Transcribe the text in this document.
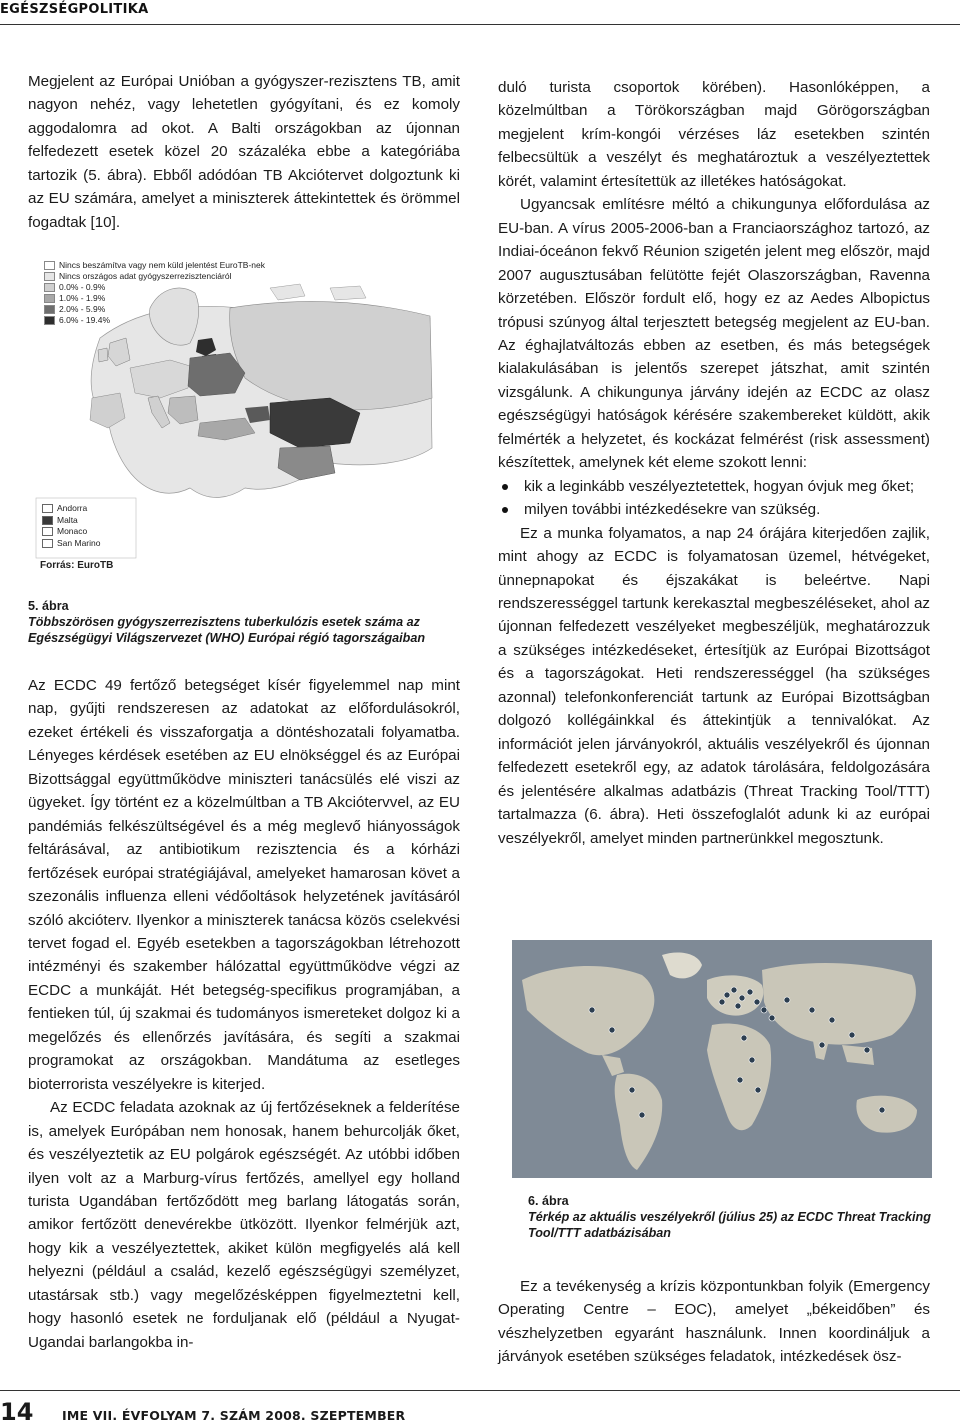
EGÉSZSÉGPOLITIKA

Megjelent az Európai Unióban a gyógyszer-rezisztens TB, amit nagyon nehéz, vagy lehetetlen gyógyítani, és ez komoly aggodalomra ad okot. A Balti országokban az újonnan felfedezett esetek közel 20 százaléka ebbe a kategóriába tartozik (5. ábra). Ebből adódóan TB Akciótervet dolgoztunk ki az EU számára, amelyet a miniszterek áttekintettek és örömmel fogadtak [10].

Nincs beszámítva vagy nem küld jelentést EuroTB-nek
Nincs országos adat gyógyszerrezisztenciáról
0.0% - 0.9%
1.0% - 1.9%
2.0% - 5.9%
6.0% - 19.4%
Andorra
Malta
Monaco
San Marino
Forrás: EuroTB
5. ábra
Többszörösen gyógyszerrezisztens tuberkulózis esetek száma az Egészségügyi Világszervezet (WHO) Európai régió tagországaiban

Az ECDC 49 fertőző betegséget kísér figyelemmel nap mint nap, gyűjti rendszeresen az adatokat az előfordulásokról, ezeket értékeli és visszaforgatja a döntéshozatali folyamatba. Lényeges kérdések esetében az EU elnökséggel és az Európai Bizottsággal együttműködve miniszteri tanácsülés elé viszi az ügyeket. Így történt ez a közelmúltban a TB Akciótervvel, az EU pandémiás felkészültségével és a még meglevő hiányosságok feltárásával, az antibiotikum rezisztencia és a kórházi fertőzések európai stratégiájával, amelyeket hamarosan követ a szezonális influenza elleni védőoltások helyzetének javításáról szóló akcióterv. Ilyenkor a miniszterek tanácsa közös cselekvési tervet fogad el. Egyéb esetekben a tagországokban létrehozott intézményi és szakember hálózattal együttműködve végzi az ECDC a munkáját. Hét betegség-specifikus programjában, a fentieken túl, új szakmai és tudományos ismereteket dolgoz ki a megelőzés és ellenőrzés javítására, és segíti a szakmai programokat az országokban. Mandátuma az esetleges bioterrorista veszélyekre is kiterjed.

Az ECDC feladata azoknak az új fertőzéseknek a felderítése is, amelyek Európában nem honosak, hanem behurcolják őket, és veszélyeztetik az EU polgárok egészségét. Az utóbbi időben ilyen volt az a Marburg-vírus fertőzés, amellyel egy holland turista Ugandában fertőződött meg barlang látogatás során, amikor fertőzött denevérekbe ütközött. Ilyenkor felmérjük azt, hogy kik a veszélyeztettek, akiket külön megfigyelés alá kell helyezni (például a család, kezelő egészségügyi személyzet, utastársak stb.) vagy megelőzésképpen figyelmeztetni kell, hogy hasonló esetek ne forduljanak elő (például a Nyugat-Ugandai barlangokba in-

duló turista csoportok körében). Hasonlóképpen, a közelmúltban a Törökországban majd Görögországban megjelent krím-kongói vérzéses láz esetekben szintén felbecsültük a veszélyt és meghatároztuk a veszélyeztettek körét, valamint értesítettük az illetékes hatóságokat.

Ugyancsak említésre méltó a chikungunya előfordulása az EU-ban. A vírus 2005-2006-ban a Franciaországhoz tartozó, az Indiai-óceánon fekvő Réunion szigetén jelent meg először, majd 2007 augusztusában felütötte fejét Olaszországban, Ravenna körzetében. Először fordult elő, hogy ez az Aedes Albopictus trópusi szúnyog által terjesztett betegség megjelent az EU-ban. Az éghajlatváltozás ebben az esetben, és más betegségek kialakulásában is jelentős szerepet játszhat, amit szintén vizsgálunk. A chikungunya járvány idején az ECDC az olasz egészségügyi hatóságok kérésére szakembereket küldött, akik felmérték a helyzetet, és kockázat felmérést (risk assessment) készítettek, amelynek két eleme szokott lenni:

kik a leginkább veszélyeztetettek, hogyan óvjuk meg őket;
milyen további intézkedésekre van szükség.

Ez a munka folyamatos, a nap 24 órájára kiterjedően zajlik, mint ahogy az ECDC is folyamatosan üzemel, hétvégeket, ünnepnapokat és éjszakákat is beleértve. Napi rendszerességgel tartunk kerekasztal megbeszéléseket, ahol az újonnan felfedezett veszélyeket megbeszéljük, meghatározzuk a szükséges intézkedéseket, értesítjük az Európai Bizottságot és a tagországokat. Heti rendszerességgel (ha szükséges azonnal) telefonkonferenciát tartunk az Európai Bizottságban dolgozó kollégáinkkal és áttekintjük a tennivalókat. Az információt jelen járványokról, aktuális veszélyekről és újonnan felfedezett esetekről egy, az adatok tárolására, feldolgozására és jelentésére alkalmas adatbázis (Threat Tracking Tool/TTT) tartalmazza (6. ábra). Heti összefoglalót adunk ki az európai veszélyekről, amelyet minden partnerünkkel megosztunk.

6. ábra
Térkép az aktuális veszélyekről (július 25) az ECDC Threat Tracking Tool/TTT adatbázisában

Ez a tevékenység a krízis központunkban folyik (Emergency Operating Centre – EOC), amelyet „békeidőben” és vészhelyzetben egyaránt használunk. Innen koordináljuk a járványok esetében szükséges feladatok, intézkedések ösz-

14 IME VII. ÉVFOLYAM 7. SZÁM 2008. SZEPTEMBER
